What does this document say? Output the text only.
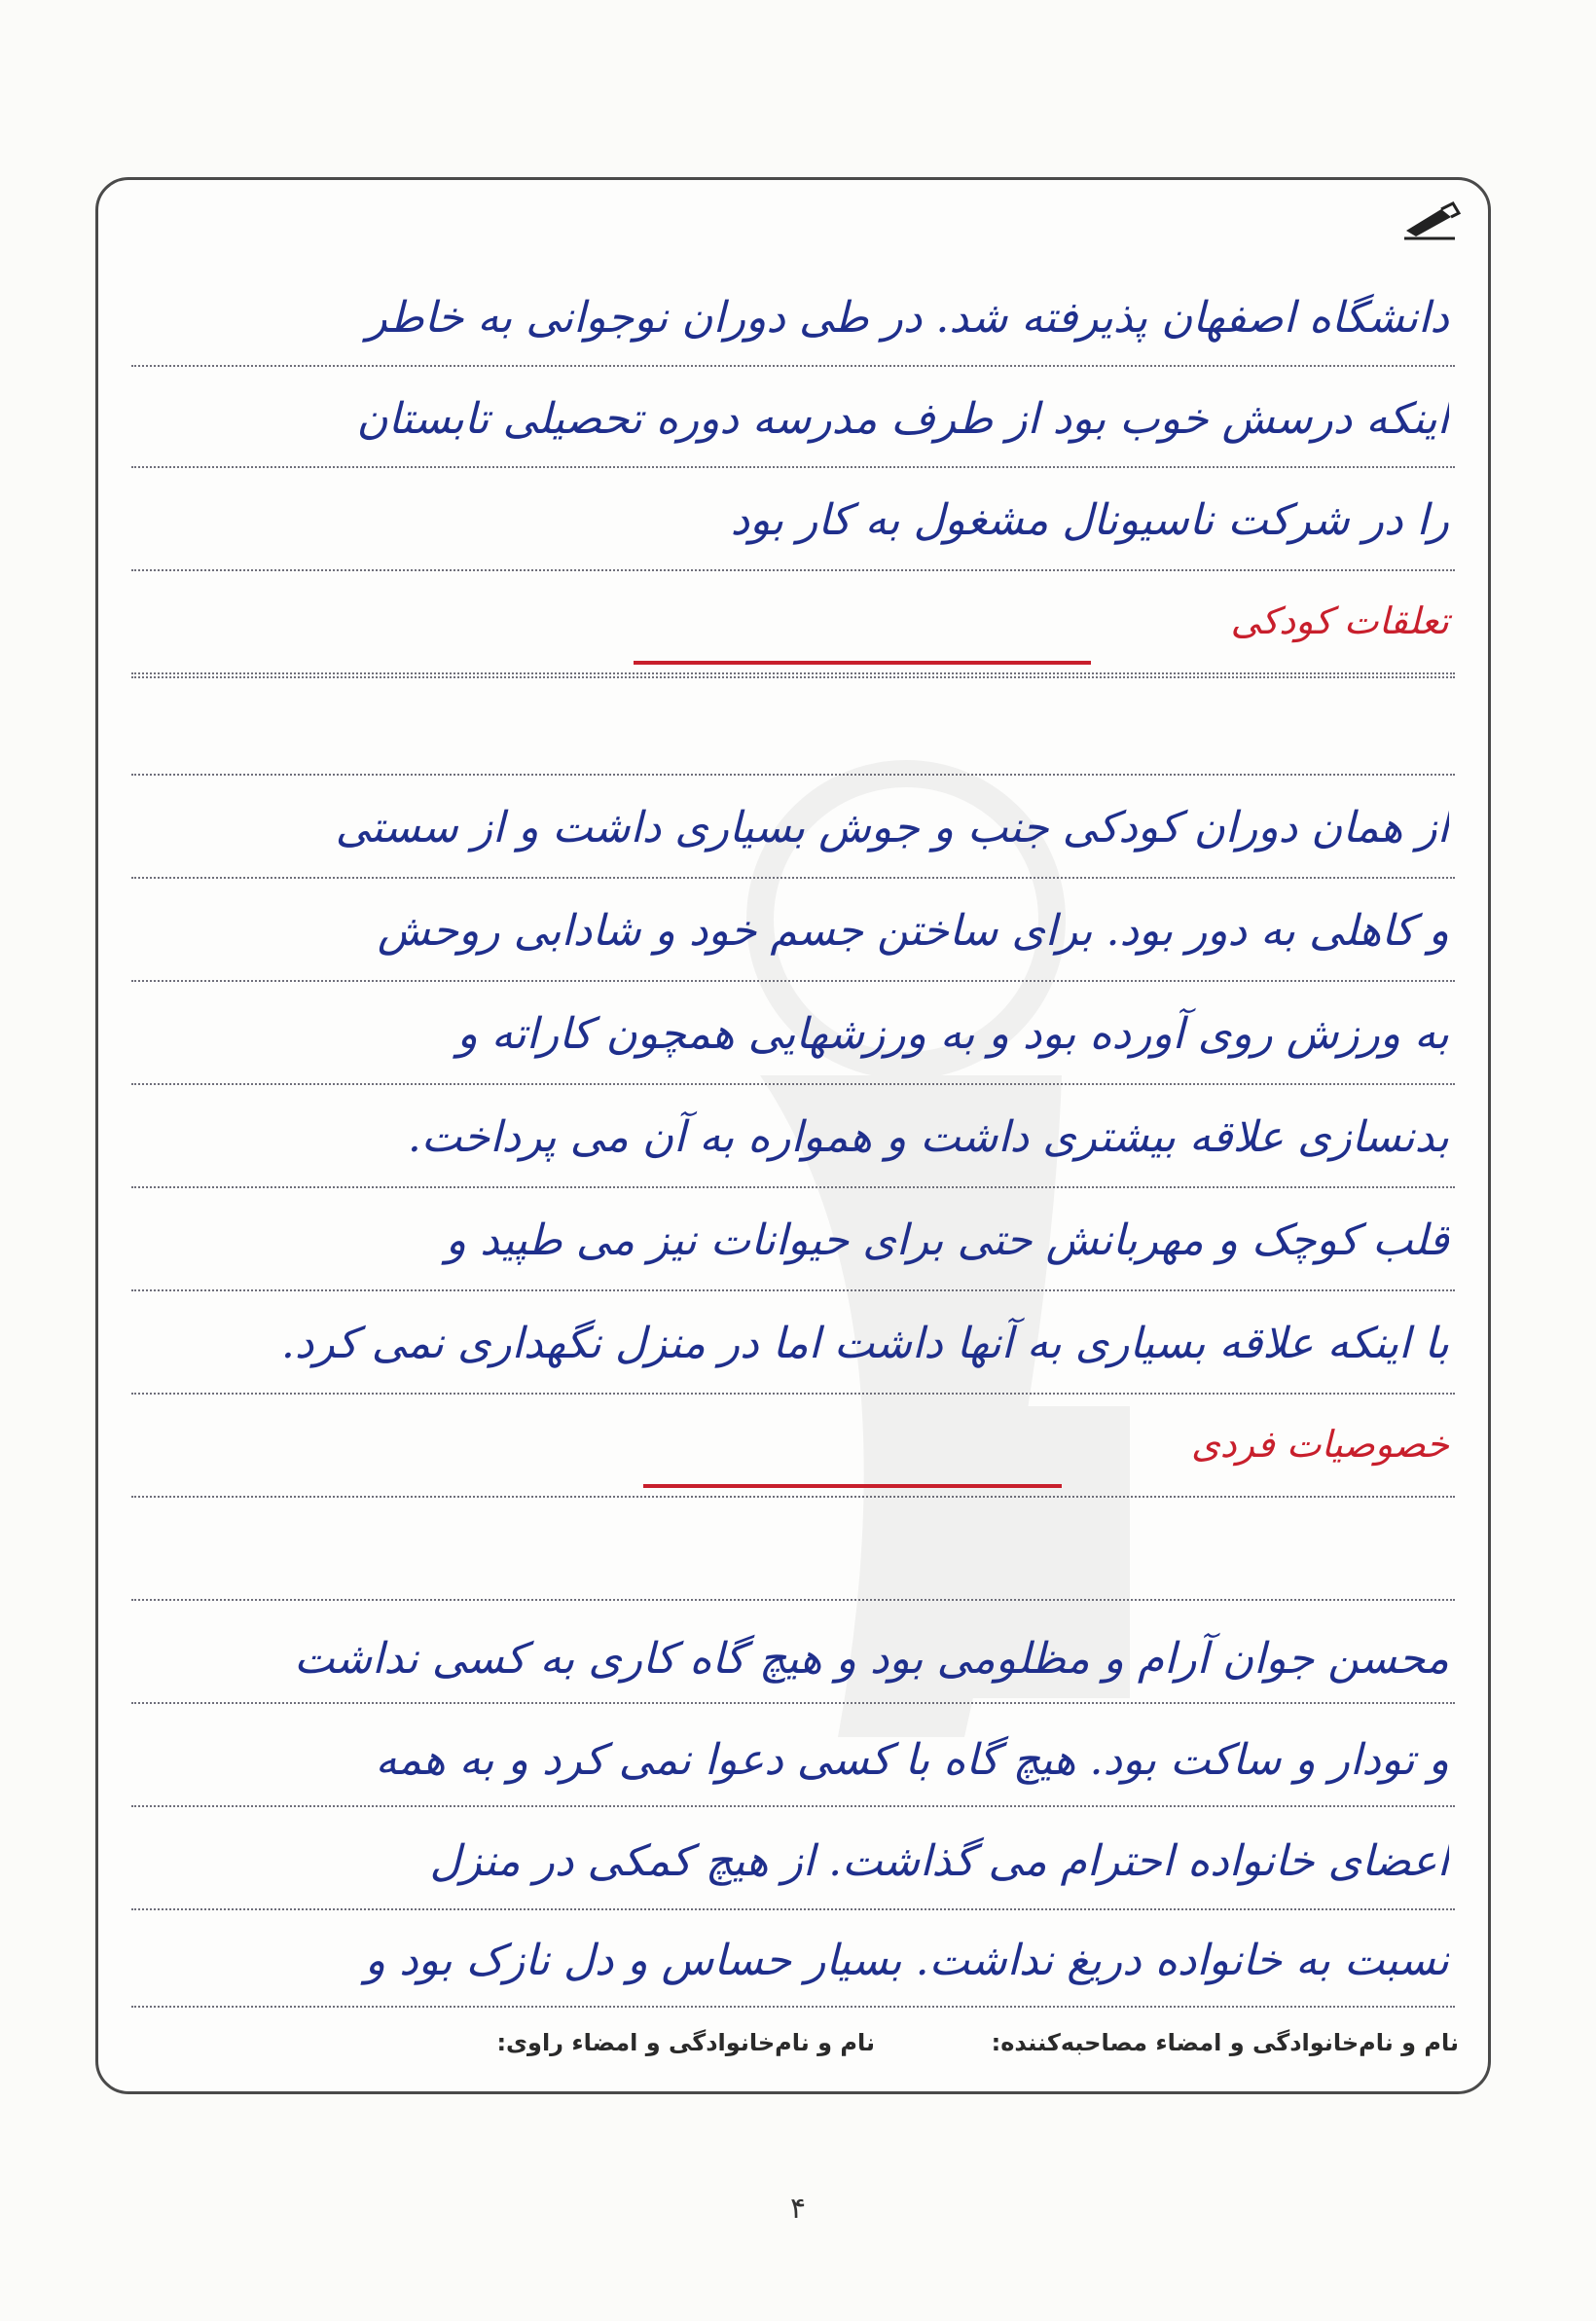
دانشگاه اصفهان پذیرفته شد. در طی دوران نوجوانی به خاطر
اینکه درسش خوب بود از طرف مدرسه دوره تحصیلی تابستان
را در شرکت ناسیونال مشغول به کار بود
تعلقات کودکی
از همان دوران کودکی جنب و جوش بسیاری داشت و از سستی
و کاهلی به دور بود. برای ساختن جسم خود و شادابی روحش
به ورزش روی آورده بود و به ورزشهایی همچون کاراته و
بدنسازی علاقه بیشتری داشت و همواره به آن می پرداخت.
قلب کوچک و مهربانش حتی برای حیوانات نیز می طپید و
با اینکه علاقه بسیاری به آنها داشت اما در منزل نگهداری نمی کرد.
خصوصیات فردی
محسن جوان آرام و مظلومی بود و هیچ گاه کاری به کسی نداشت
و تودار و ساکت بود. هیچ گاه با کسی دعوا نمی کرد و به همه
اعضای خانواده احترام می گذاشت. از هیچ کمکی در منزل
نسبت به خانواده دریغ نداشت. بسیار حساس و دل نازک بود و
نام و نام‌خانوادگی و امضاء مصاحبه‌کننده:
نام و نام‌خانوادگی و امضاء راوی:
۴
